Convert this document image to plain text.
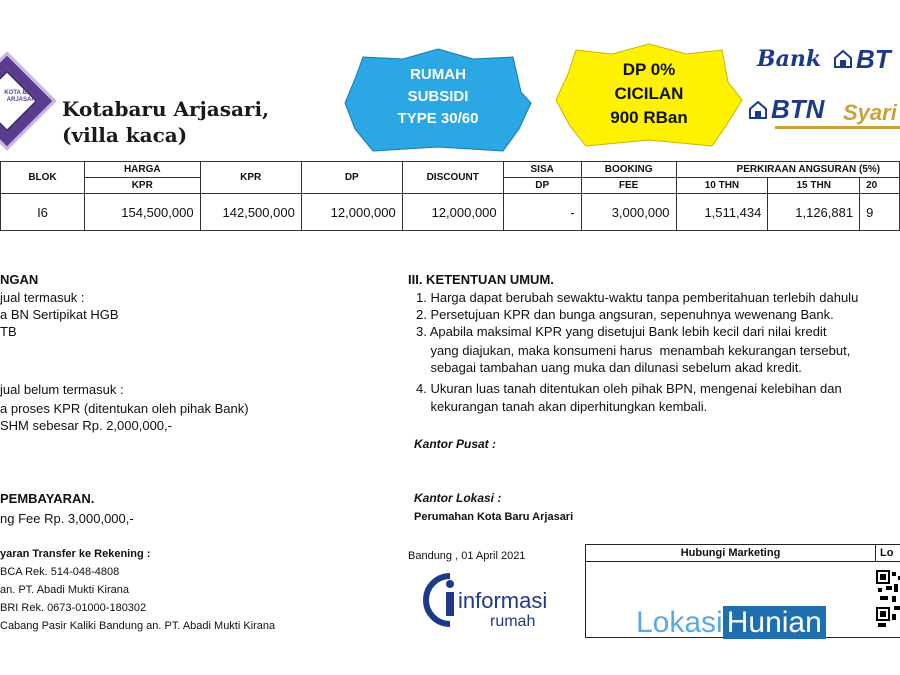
KOTA BARU ARJASARI Kotabaru Arjasari,
(villa kaca)
RUMAH
SUBSIDI
TYPE 30/60
DP 0%
CICILAN
900 RBan
Bank BT
BTN Syari
BLOK	HARGA	KPR	DP	DISCOUNT	SISA	BOOKING	PERKIRAAN ANGSURAN (5%)		
	KPR				DP	FEE	10 THN	15 THN	20
I6	154,500,000	142,500,000	12,000,000	12,000,000	-	3,000,000	1,511,434	1,126,881	9
NGAN
jual termasuk :
a BN Sertipikat HGB
TB
jual belum termasuk :
a proses KPR (ditentukan oleh pihak Bank)
SHM sebesar Rp. 2,000,000,-
PEMBAYARAN.
ng Fee Rp. 3,000,000,-
yaran Transfer ke Rekening :
BCA Rek. 514-048-4808
an. PT. Abadi Mukti Kirana
BRI Rek. 0673-01000-180302
Cabang Pasir Kaliki Bandung an. PT. Abadi Mukti Kirana
III. KETENTUAN UMUM.
1. Harga dapat berubah sewaktu-waktu tanpa pemberitahuan terlebih dahulu
2. Persetujuan KPR dan bunga angsuran, sepenuhnya wewenang Bank.
3. Apabila maksimal KPR yang disetujui Bank lebih kecil dari nilai kredit
yang diajukan, maka konsumeni harus  menambah kekurangan tersebut,
sebagai tambahan uang muka dan dilunasi sebelum akad kredit.
4. Ukuran luas tanah ditentukan oleh pihak BPN, mengenai kelebihan dan
kekurangan tanah akan diperhitungkan kembali.
Kantor Pusat :
Kantor Lokasi :
Perumahan Kota Baru Arjasari
Bandung , 01 April 2021	Hubungi Marketing	Lo
informasi
rumah	Lokasi Hunian
